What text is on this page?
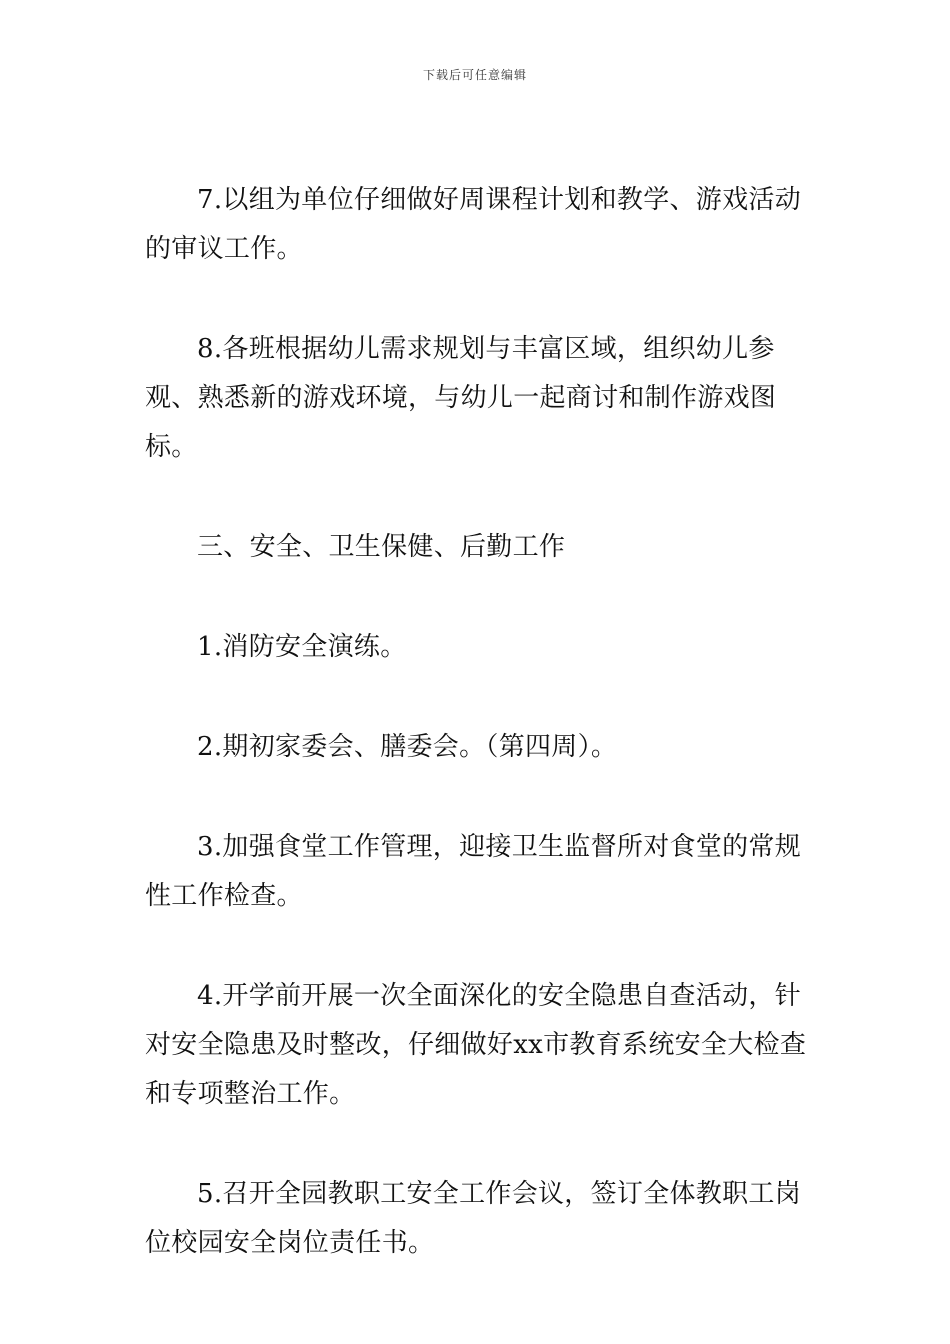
下载后可任意编辑

7.以组为单位仔细做好周课程计划和教学、游戏活动的审议工作。

8.各班根据幼儿需求规划与丰富区域，组织幼儿参观、熟悉新的游戏环境，与幼儿一起商讨和制作游戏图标。

三、安全、卫生保健、后勤工作

1.消防安全演练。

2.期初家委会、膳委会。（第四周）。

3.加强食堂工作管理，迎接卫生监督所对食堂的常规性工作检查。

4.开学前开展一次全面深化的安全隐患自查活动，针对安全隐患及时整改，仔细做好xx市教育系统安全大检查和专项整治工作。

5.召开全园教职工安全工作会议，签订全体教职工岗位校园安全岗位责任书。
